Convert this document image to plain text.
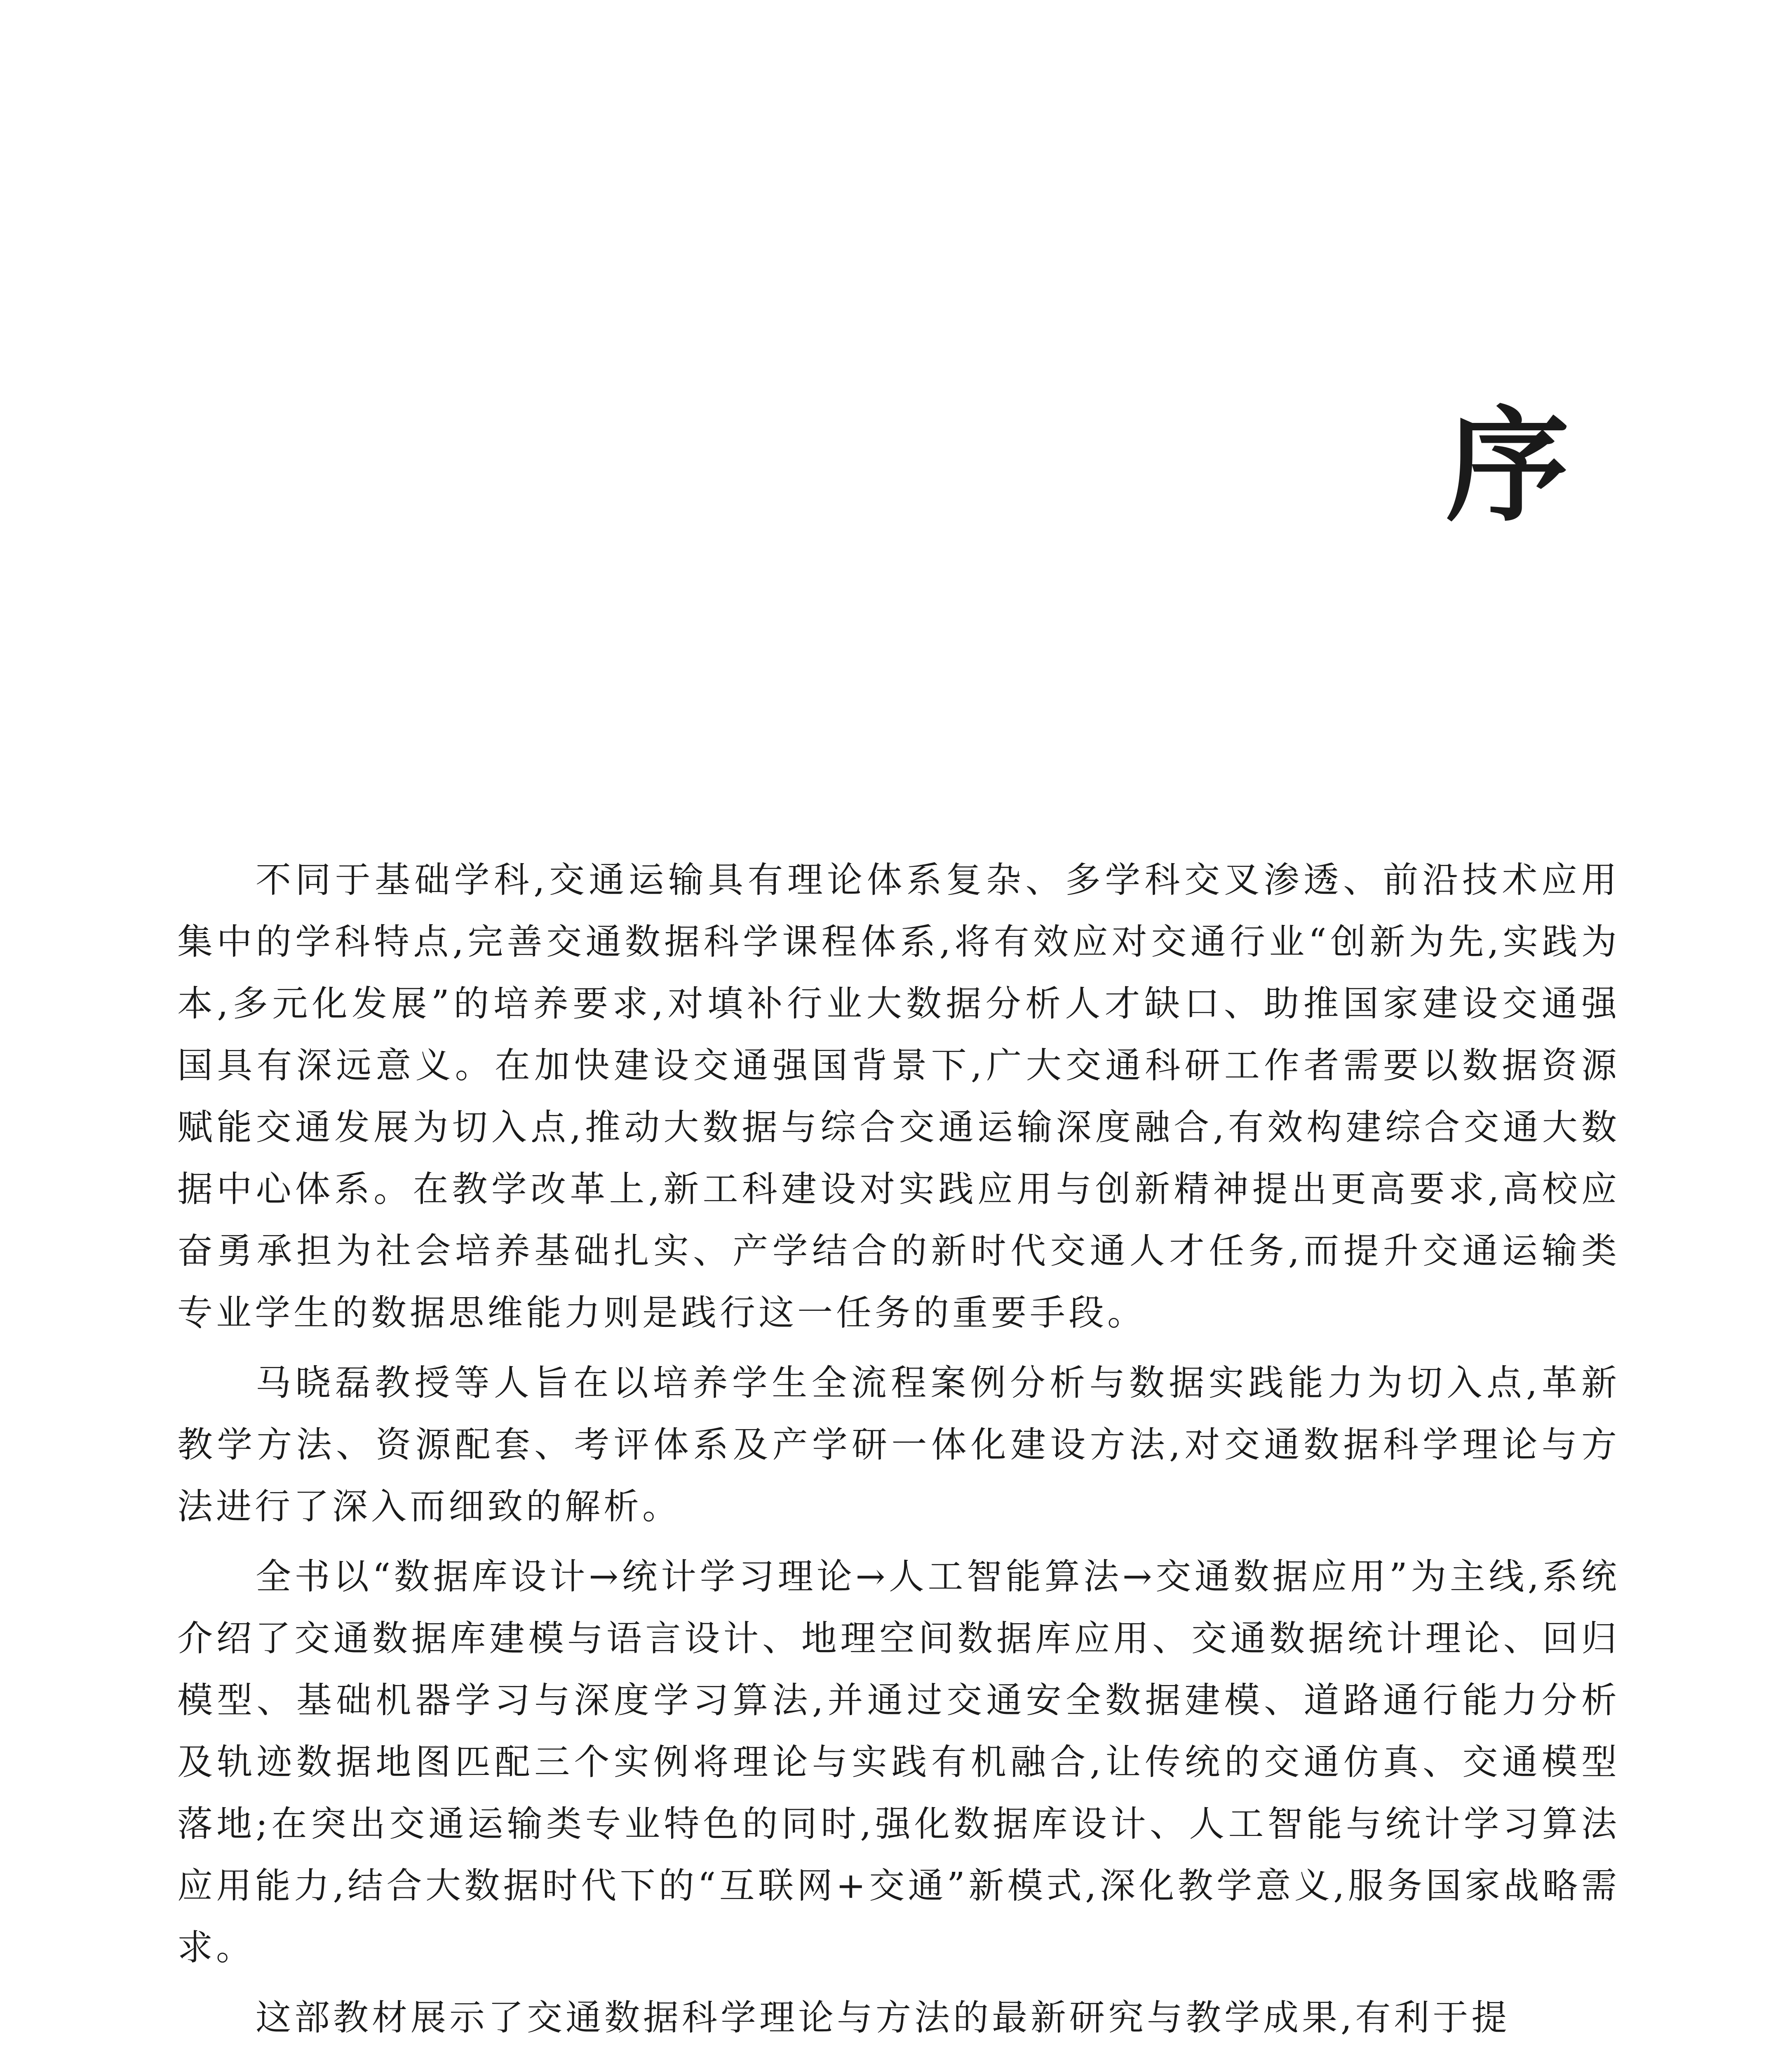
序

不同于基础学科,交通运输具有理论体系复杂、多学科交叉渗透、前沿技术应用集中的学科特点,完善交通数据科学课程体系,将有效应对交通行业“创新为先,实践为本,多元化发展”的培养要求,对填补行业大数据分析人才缺口、助推国家建设交通强国具有深远意义。在加快建设交通强国背景下,广大交通科研工作者需要以数据资源赋能交通发展为切入点,推动大数据与综合交通运输深度融合,有效构建综合交通大数据中心体系。在教学改革上,新工科建设对实践应用与创新精神提出更高要求,高校应奋勇承担为社会培养基础扎实、产学结合的新时代交通人才任务,而提升交通运输类专业学生的数据思维能力则是践行这一任务的重要手段。

马晓磊教授等人旨在以培养学生全流程案例分析与数据实践能力为切入点,革新教学方法、资源配套、考评体系及产学研一体化建设方法,对交通数据科学理论与方法进行了深入而细致的解析。

全书以“数据库设计→统计学习理论→人工智能算法→交通数据应用”为主线,系统介绍了交通数据库建模与语言设计、地理空间数据库应用、交通数据统计理论、回归模型、基础机器学习与深度学习算法,并通过交通安全数据建模、道路通行能力分析及轨迹数据地图匹配三个实例将理论与实践有机融合,让传统的交通仿真、交通模型落地;在突出交通运输类专业特色的同时,强化数据库设计、人工智能与统计学习算法应用能力,结合大数据时代下的“互联网+交通”新模式,深化教学意义,服务国家战略需求。

这部教材展示了交通数据科学理论与方法的最新研究与教学成果,有利于提
